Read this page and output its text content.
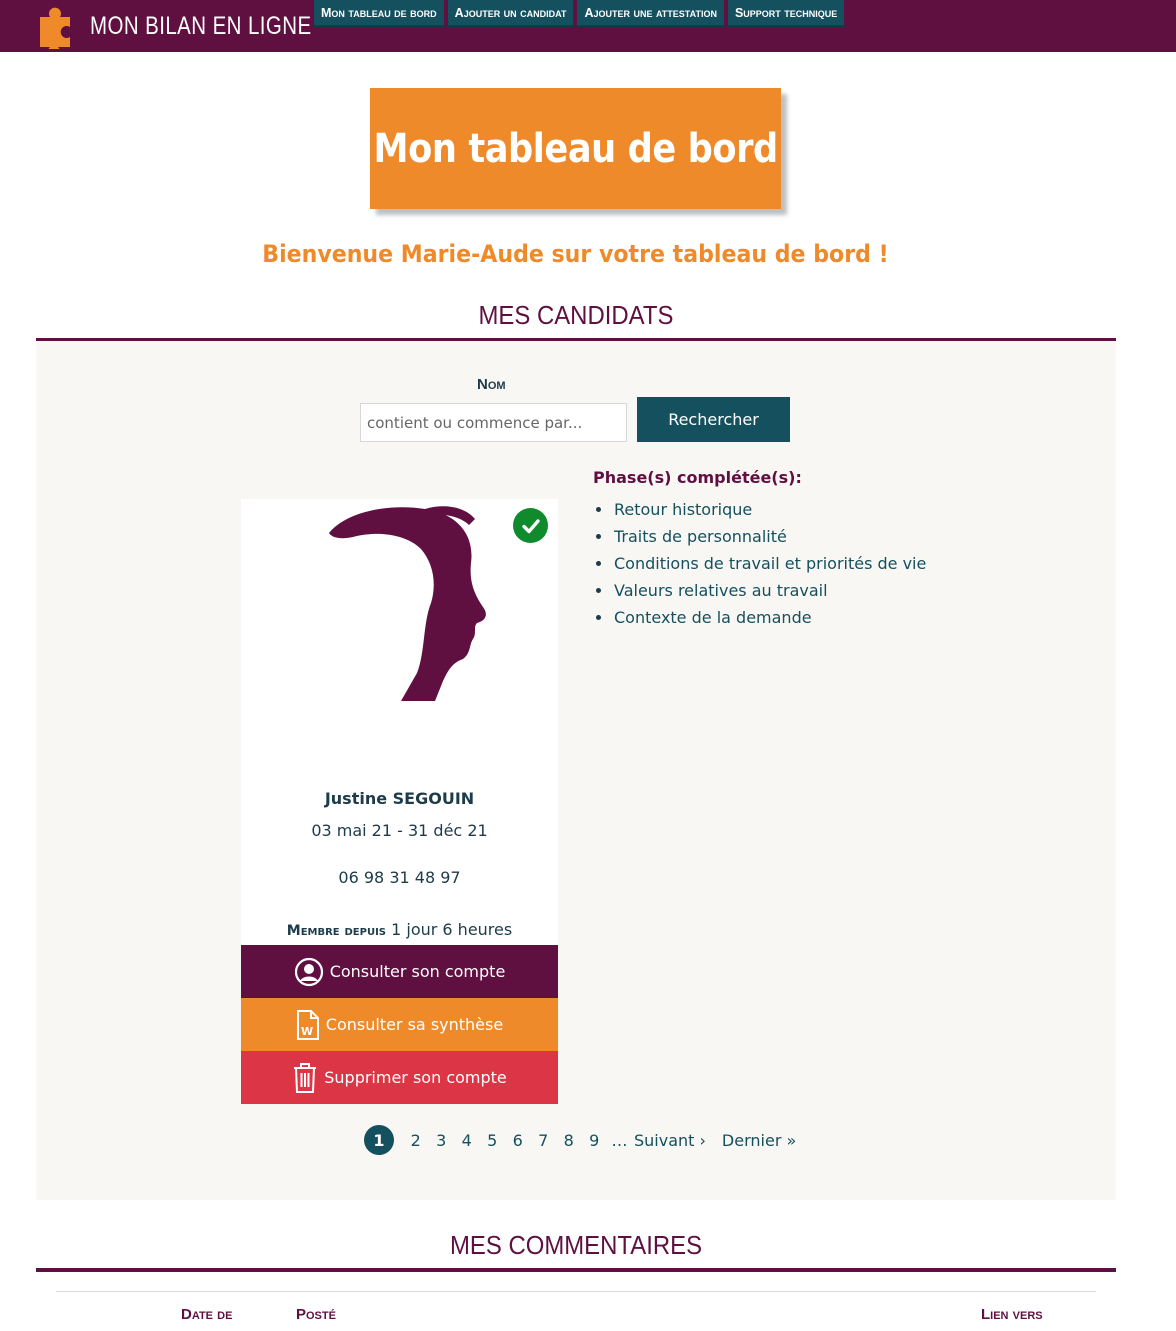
MON BILAN EN LIGNE Mon tableau de bord	Ajouter un candidat	Ajouter une attestation	Support technique
Mon tableau de bord
Bienvenue Marie-Aude sur votre tableau de bord !
MES CANDIDATS
Nom
contient ou commence par...
Rechercher
Justine SEGOUIN
03 mai 21 - 31 déc 21
06 98 31 48 97
Membre depuis 1 jour 6 heures
Consulter son compte
W Consulter sa synthèse
Supprimer son compte
Phase(s) complétée(s):
Retour historique
Traits de personnalité
Conditions de travail et priorités de vie
Valeurs relatives au travail
Contexte de la demande
1	2 3 4 5 6 7 8 9 … Suivant › Dernier »
MES COMMENTAIRES
Date de	Posté	Lien vers
